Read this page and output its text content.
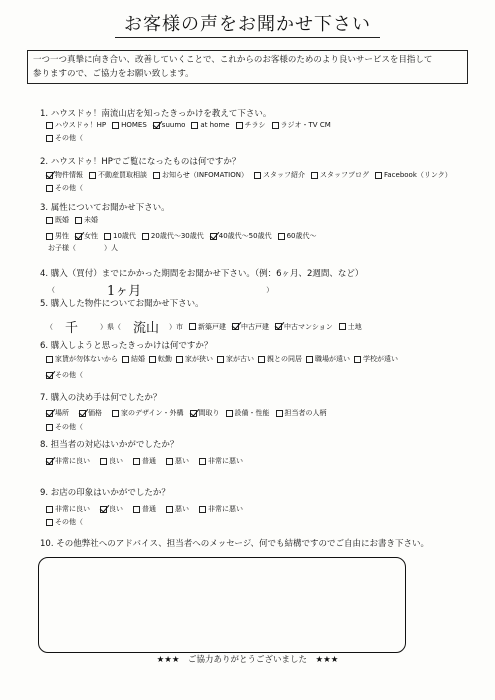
お客様の声をお聞かせ下さい
一つ一つ真摯に向き合い、改善していくことで、これからのお客様のためのより良いサービスを目指して
参りますので、ご協力をお願い致します。
1. ハウスドゥ！南流山店を知ったきっかけを教えて下さい。
ハウスドゥ！HP HOMES suumo at home チラシ ラジオ・TV CM
その他（
2. ハウスドゥ！HPでご覧になったものは何ですか？
物件情報 不動産買取相談 お知らせ（INFOMATION） スタッフ紹介 スタッフブログ Facebook（リンク）
その他（
3. 属性についてお聞かせ下さい。
既婚 未婚
男性 女性 10歳代 20歳代〜30歳代 40歳代〜50歳代 60歳代〜
お子様（	）人
4. 購入（買付）までにかかった期間をお聞かせ下さい。（例：6ヶ月、2週間、など）
（	1ヶ月	）
5. 購入した物件についてお聞かせ下さい。
（ 千	）県（ 流山 ）市 新築戸建 中古戸建 中古マンション 土地
6. 購入しようと思ったきっかけは何ですか？
家賃が勿体ないから 結婚 転勤 家が狭い 家が古い 親との同居 職場が遠い 学校が遠い
その他（
7. 購入の決め手は何でしたか？
場所	価格	家のデザイン・外構 間取り 設備・性能 担当者の人柄
その他（
8. 担当者の対応はいかがでしたか？
非常に良い	良い	普通	悪い	非常に悪い
9. お店の印象はいかがでしたか？
非常に良い	良い	普通	悪い	非常に悪い
その他（
10. その他弊社へのアドバイス、担当者へのメッセージ、何でも結構ですのでご自由にお書き下さい。
★★★　ご協力ありがとうございました　★★★
